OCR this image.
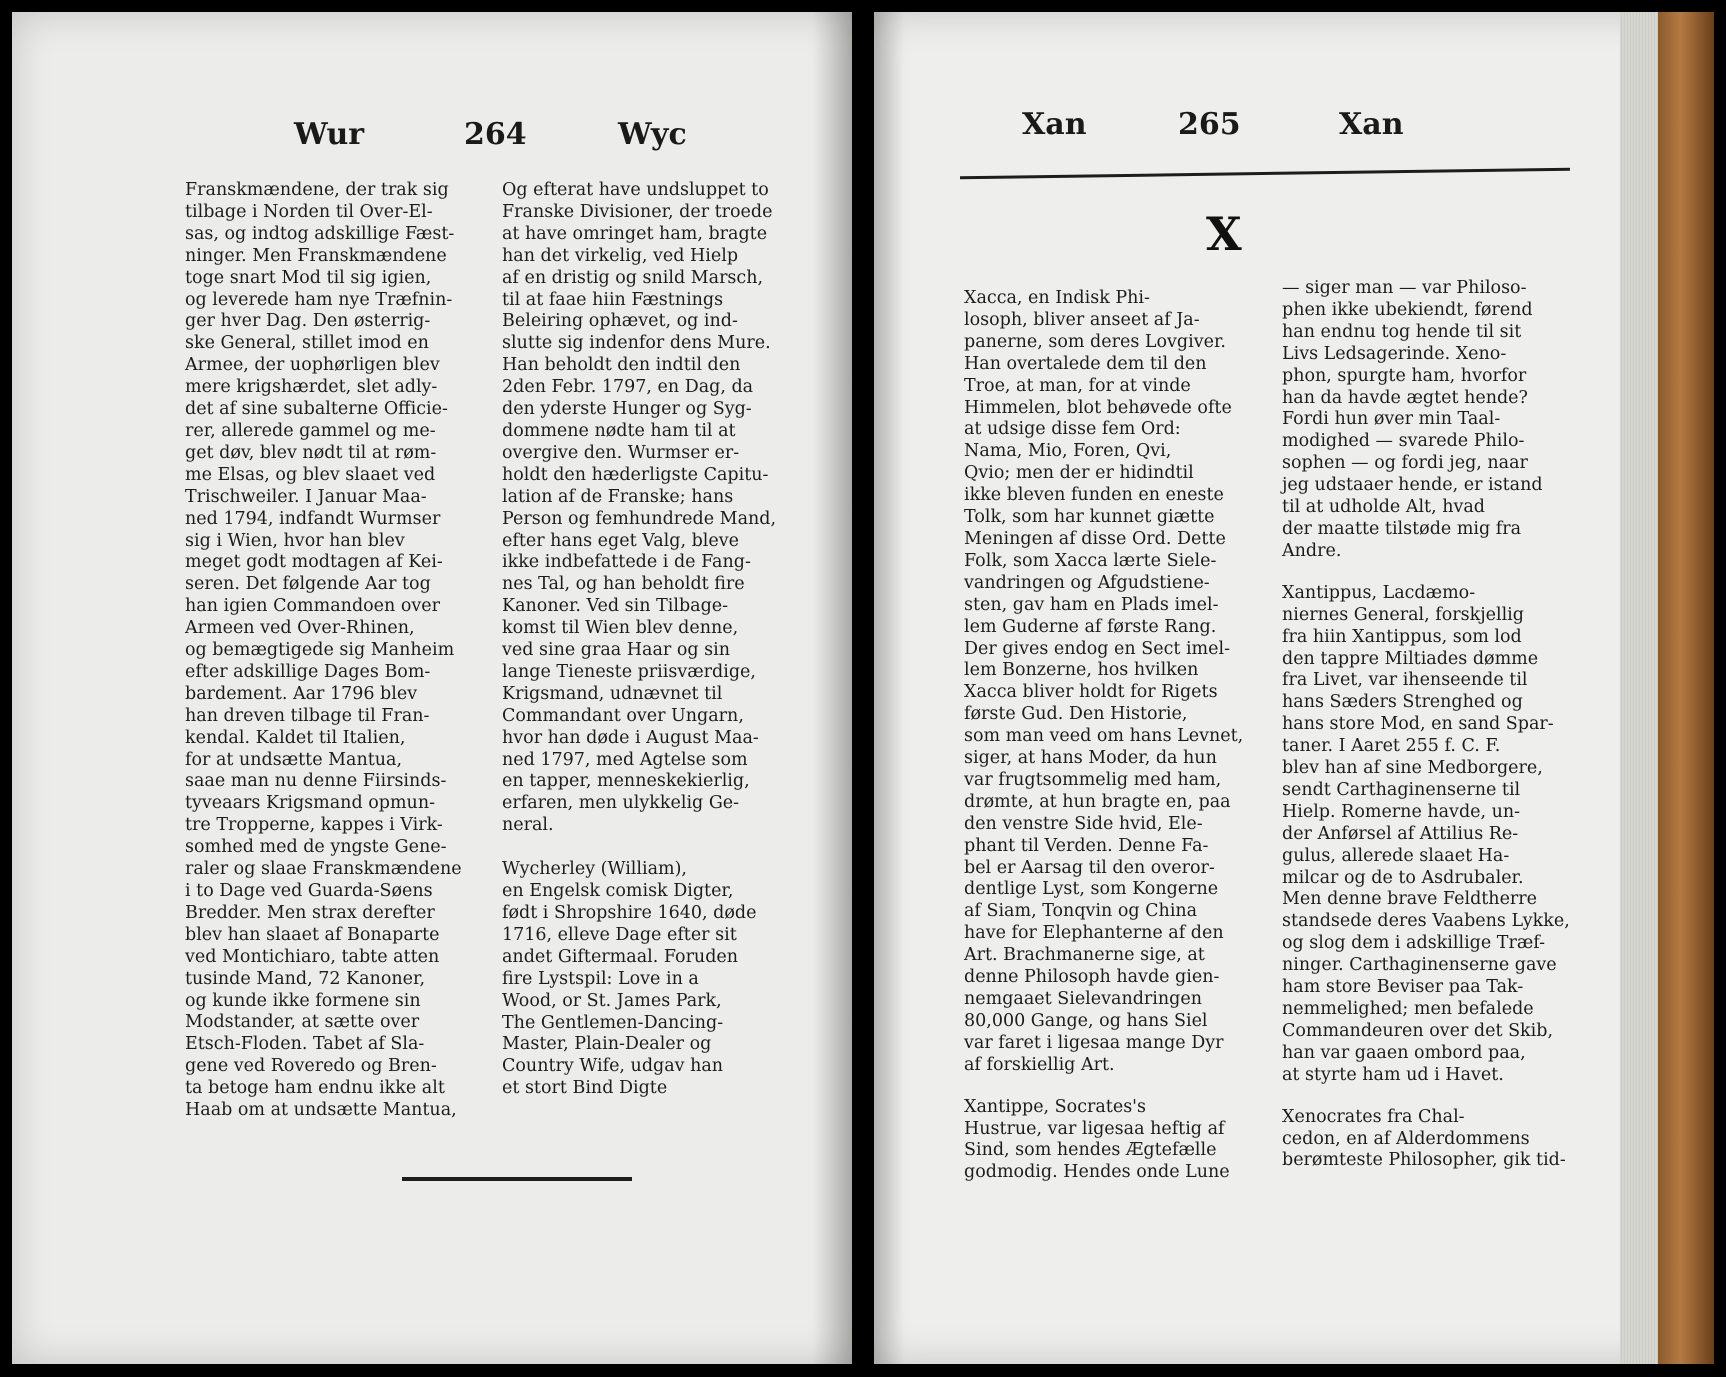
Wur	264	Wyc

Franskmændene, der trak sig
tilbage i Norden til Over-El-
sas, og indtog adskillige Fæst-
ninger. Men Franskmændene
toge snart Mod til sig igien,
og leverede ham nye Træfnin-
ger hver Dag. Den østerrig-
ske General, stillet imod en
Armee, der uophørligen blev
mere krigshærdet, slet adly-
det af sine subalterne Officie-
rer, allerede gammel og me-
get døv, blev nødt til at røm-
me Elsas, og blev slaaet ved
Trischweiler. I Januar Maa-
ned 1794, indfandt Wurmser
sig i Wien, hvor han blev
meget godt modtagen af Kei-
seren. Det følgende Aar tog
han igien Commandoen over
Armeen ved Over-Rhinen,
og bemægtigede sig Manheim
efter adskillige Dages Bom-
bardement. Aar 1796 blev
han dreven tilbage til Fran-
kendal. Kaldet til Italien,
for at undsætte Mantua,
saae man nu denne Fiirsinds-
tyveaars Krigsmand opmun-
tre Tropperne, kappes i Virk-
somhed med de yngste Gene-
raler og slaae Franskmændene
i to Dage ved Guarda-Søens
Bredder. Men strax derefter
blev han slaaet af Bonaparte
ved Montichiaro, tabte atten
tusinde Mand, 72 Kanoner,
og kunde ikke formene sin
Modstander, at sætte over
Etsch-Floden. Tabet af Sla-
gene ved Roveredo og Bren-
ta betoge ham endnu ikke alt
Haab om at undsætte Mantua,

Og efterat have undsluppet to
Franske Divisioner, der troede
at have omringet ham, bragte
han det virkelig, ved Hielp
af en dristig og snild Marsch,
til at faae hiin Fæstnings
Beleiring ophævet, og ind-
slutte sig indenfor dens Mure.
Han beholdt den indtil den
2den Febr. 1797, en Dag, da
den yderste Hunger og Syg-
dommene nødte ham til at
overgive den. Wurmser er-
holdt den hæderligste Capitu-
lation af de Franske; hans
Person og femhundrede Mand,
efter hans eget Valg, bleve
ikke indbefattede i de Fang-
nes Tal, og han beholdt fire
Kanoner. Ved sin Tilbage-
komst til Wien blev denne,
ved sine graa Haar og sin
lange Tieneste priisværdige,
Krigsmand, udnævnet til
Commandant over Ungarn,
hvor han døde i August Maa-
ned 1797, med Agtelse som
en tapper, menneskekierlig,
erfaren, men ulykkelig Ge-
neral.

Wycherley (William),
en Engelsk comisk Digter,
født i Shropshire 1640, døde
1716, elleve Dage efter sit
andet Giftermaal. Foruden
fire Lystspil: Love in a
Wood, or St. James Park,
The Gentlemen-Dancing-
Master, Plain-Dealer og
Country Wife, udgav han
et stort Bind Digte

Xan	265	Xan
X

Xacca, en Indisk Phi-
losoph, bliver anseet af Ja-
panerne, som deres Lovgiver.
Han overtalede dem til den
Troe, at man, for at vinde
Himmelen, blot behøvede ofte
at udsige disse fem Ord:
Nama, Mio, Foren, Qvi,
Qvio; men der er hidindtil
ikke bleven funden en eneste
Tolk, som har kunnet giætte
Meningen af disse Ord. Dette
Folk, som Xacca lærte Siele-
vandringen og Afgudstiene-
sten, gav ham en Plads imel-
lem Guderne af første Rang.
Der gives endog en Sect imel-
lem Bonzerne, hos hvilken
Xacca bliver holdt for Rigets
første Gud. Den Historie,
som man veed om hans Levnet,
siger, at hans Moder, da hun
var frugtsommelig med ham,
drømte, at hun bragte en, paa
den venstre Side hvid, Ele-
phant til Verden. Denne Fa-
bel er Aarsag til den overor-
dentlige Lyst, som Kongerne
af Siam, Tonqvin og China
have for Elephanterne af den
Art. Brachmanerne sige, at
denne Philosoph havde gien-
nemgaaet Sielevandringen
80,000 Gange, og hans Siel
var faret i ligesaa mange Dyr
af forskiellig Art.

Xantippe, Socrates's
Hustrue, var ligesaa heftig af
Sind, som hendes Ægtefælle
godmodig. Hendes onde Lune

— siger man — var Philoso-
phen ikke ubekiendt, førend
han endnu tog hende til sit
Livs Ledsagerinde. Xeno-
phon, spurgte ham, hvorfor
han da havde ægtet hende?
Fordi hun øver min Taal-
modighed — svarede Philo-
sophen — og fordi jeg, naar
jeg udstaaer hende, er istand
til at udholde Alt, hvad
der maatte tilstøde mig fra
Andre.

Xantippus, Lacdæmo-
niernes General, forskjellig
fra hiin Xantippus, som lod
den tappre Miltiades dømme
fra Livet, var ihenseende til
hans Sæders Strenghed og
hans store Mod, en sand Spar-
taner. I Aaret 255 f. C. F.
blev han af sine Medborgere,
sendt Carthaginenserne til
Hielp. Romerne havde, un-
der Anførsel af Attilius Re-
gulus, allerede slaaet Ha-
milcar og de to Asdrubaler.
Men denne brave Feldtherre
standsede deres Vaabens Lykke,
og slog dem i adskillige Træf-
ninger. Carthaginenserne gave
ham store Beviser paa Tak-
nemmelighed; men befalede
Commandeuren over det Skib,
han var gaaen ombord paa,
at styrte ham ud i Havet.

Xenocrates fra Chal-
cedon, en af Alderdommens
berømteste Philosopher, gik tid-
